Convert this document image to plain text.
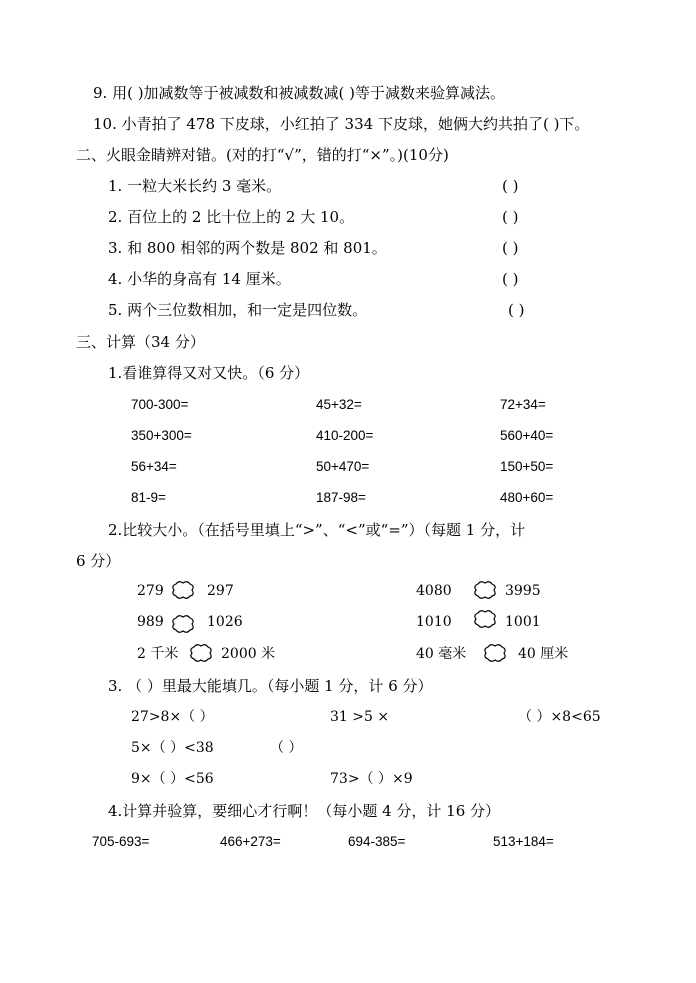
9. 用( )加减数等于被减数和被减数减( )等于减数来验算减法。
10. 小青拍了 478 下皮球，小红拍了 334 下皮球，她俩大约共拍了( )下。
二、火眼金睛辨对错。(对的打“√”，错的打“×”。)(10分)
1. 一粒大米长约 3 毫米。	( )
2. 百位上的 2 比十位上的 2 大 10。	( )
3. 和 800 相邻的两个数是 802 和 801。	( )
4. 小华的身高有 14 厘米。	( )
5. 两个三位数相加，和一定是四位数。	( )
三、计算（34 分）
1.看谁算得又对又快。（6 分）
700-300=	45+32=	72+34=
350+300=	410-200=	560+40=
56+34=	50+470=	150+50=
81-9=	187-98=	480+60=
2.比较大小。（在括号里填上“>”、“<”或“=”）（每题 1 分，计
6 分）
279	297	4080	3995
989	1026	1010	1001
2 千米	2000 米	40 毫米	40 厘米
3. （ ）里最大能填几。（每小题 1 分，计 6 分）
27>8×（ ）	31 >5 ×	（ ）×8<65
5×（ ）<38	（ ）
9×（ ）<56	73>（ ）×9
4.计算并验算，要细心才行啊！（每小题 4 分，计 16 分）
705-693=	466+273=	694-385=	513+184=
